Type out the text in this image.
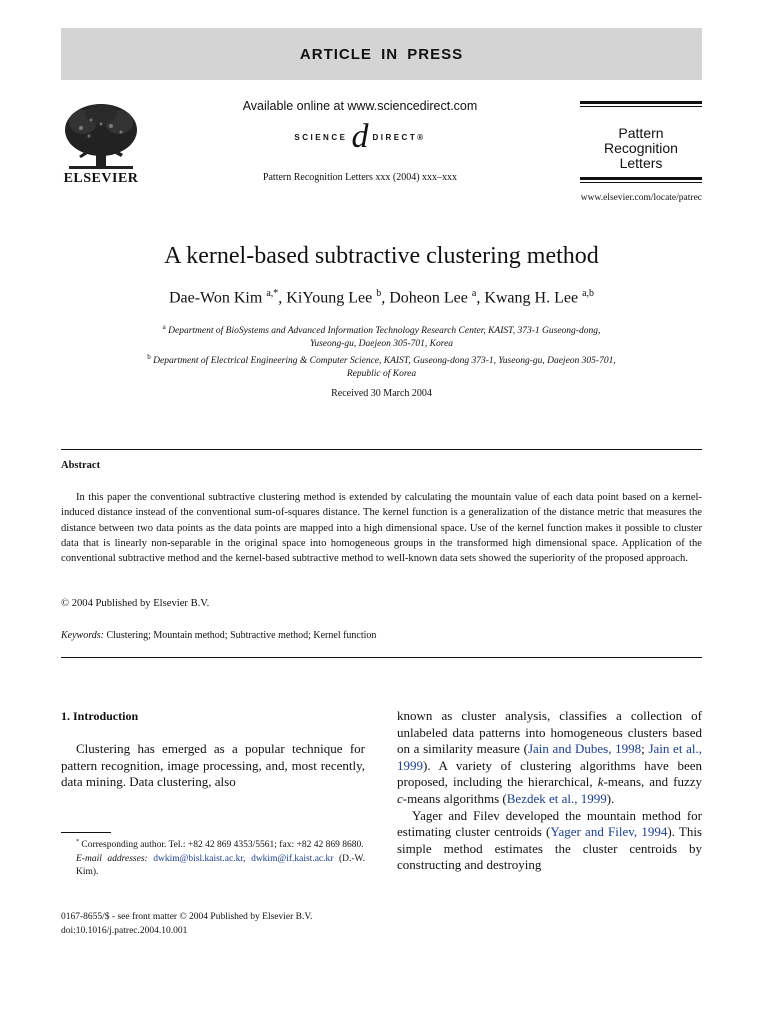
ARTICLE IN PRESS
ELSEVIER
Available online at www.sciencedirect.com
SCIENCE d DIRECT®
Pattern Recognition Letters xxx (2004) xxx–xxx
Pattern Recognition
Letters
www.elsevier.com/locate/patrec
A kernel-based subtractive clustering method
Dae-Won Kim $^{a,*}$, KiYoung Lee $^b$, Doheon Lee $^a$, Kwang H. Lee $^{a,b}$
$^a$ Department of BioSystems and Advanced Information Technology Research Center, KAIST, 373-1 Guseong-dong,
Yuseong-gu, Daejeon 305-701, Korea
$^b$ Department of Electrical Engineering & Computer Science, KAIST, Guseong-dong 373-1, Yuseong-gu, Daejeon 305-701,
Republic of Korea
Received 30 March 2004
Abstract
In this paper the conventional subtractive clustering method is extended by calculating the mountain value of each data point based on a kernel-induced distance instead of the conventional sum-of-squares distance. The kernel function is a generalization of the distance metric that measures the distance between two data points as the data points are mapped into a high dimensional space. Use of the kernel function makes it possible to cluster data that is linearly non-separable in the original space into homogeneous groups in the transformed high dimensional space. Application of the conventional subtractive method and the kernel-based subtractive method to well-known data sets showed the superiority of the proposed approach.
© 2004 Published by Elsevier B.V.
Keywords: Clustering; Mountain method; Subtractive method; Kernel function
1. Introduction
Clustering has emerged as a popular technique for pattern recognition, image processing, and, most recently, data mining. Data clustering, also
known as cluster analysis, classifies a collection of unlabeled data patterns into homogeneous clusters based on a similarity measure (Jain and Dubes, 1998; Jain et al., 1999). A variety of clustering algorithms have been proposed, including the hierarchical, k-means, and fuzzy c-means algorithms (Bezdek et al., 1999).
Yager and Filev developed the mountain method for estimating cluster centroids (Yager and Filev, 1994). This simple method estimates the cluster centroids by constructing and destroying
* Corresponding author. Tel.: +82 42 869 4353/5561; fax: +82 42 869 8680.
E-mail addresses: dwkim@bisl.kaist.ac.kr, dwkim@if.kaist.ac.kr (D.-W. Kim).
0167-8655/$ - see front matter © 2004 Published by Elsevier B.V.
doi:10.1016/j.patrec.2004.10.001
